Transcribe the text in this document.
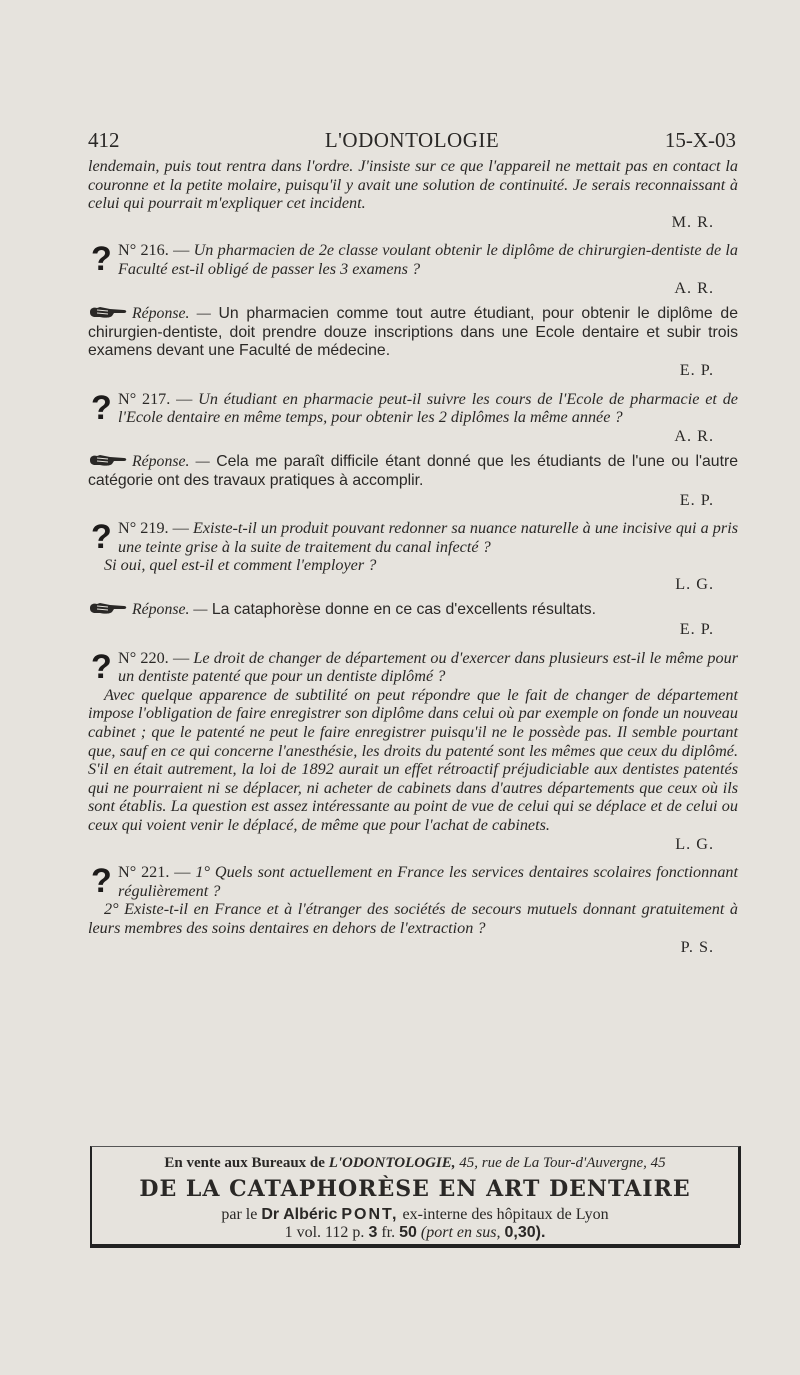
412	L'ODONTOLOGIE	15-X-03

lendemain, puis tout rentra dans l'ordre. J'insiste sur ce que l'appareil ne mettait pas en contact la couronne et la petite molaire, puisqu'il y avait une solution de continuité. Je serais reconnaissant à celui qui pourrait m'expliquer cet incident.

M. R.

? N° 216. — Un pharmacien de 2e classe voulant obtenir le diplôme de chirurgien-dentiste de la Faculté est-il obligé de passer les 3 examens ?

A. R.

Réponse. — Un pharmacien comme tout autre étudiant, pour obtenir le diplôme de chirurgien-dentiste, doit prendre douze inscriptions dans une Ecole dentaire et subir trois examens devant une Faculté de médecine.

E. P.

? N° 217. — Un étudiant en pharmacie peut-il suivre les cours de l'Ecole de pharmacie et de l'Ecole dentaire en même temps, pour obtenir les 2 diplômes la même année ?

A. R.

Réponse. — Cela me paraît difficile étant donné que les étudiants de l'une ou l'autre catégorie ont des travaux pratiques à accomplir.

E. P.

? N° 219. — Existe-t-il un produit pouvant redonner sa nuance naturelle à une incisive qui a pris une teinte grise à la suite de traitement du canal infecté ?

Si oui, quel est-il et comment l'employer ?

L. G.

Réponse. — La cataphorèse donne en ce cas d'excellents résultats.

E. P.

? N° 220. — Le droit de changer de département ou d'exercer dans plusieurs est-il le même pour un dentiste patenté que pour un dentiste diplômé ?

Avec quelque apparence de subtilité on peut répondre que le fait de changer de département impose l'obligation de faire enregistrer son diplôme dans celui où par exemple on fonde un nouveau cabinet ; que le patenté ne peut le faire enregistrer puisqu'il ne le possède pas. Il semble pourtant que, sauf en ce qui concerne l'anesthésie, les droits du patenté sont les mêmes que ceux du diplômé. S'il en était autrement, la loi de 1892 aurait un effet rétroactif préjudiciable aux dentistes patentés qui ne pourraient ni se déplacer, ni acheter de cabinets dans d'autres départements que ceux où ils sont établis. La question est assez intéressante au point de vue de celui qui se déplace et de celui ou ceux qui voient venir le déplacé, de même que pour l'achat de cabinets.

L. G.

? N° 221. — 1° Quels sont actuellement en France les services dentaires scolaires fonctionnant régulièrement ?

2° Existe-t-il en France et à l'étranger des sociétés de secours mutuels donnant gratuitement à leurs membres des soins dentaires en dehors de l'extraction ?

P. S.

En vente aux Bureaux de L'ODONTOLOGIE, 45, rue de La Tour-d'Auvergne, 45
DE LA CATAPHORÈSE EN ART DENTAIRE
par le Dr Albéric PONT, ex-interne des hôpitaux de Lyon
1 vol. 112 p. 3 fr. 50 (port en sus, 0,30).
